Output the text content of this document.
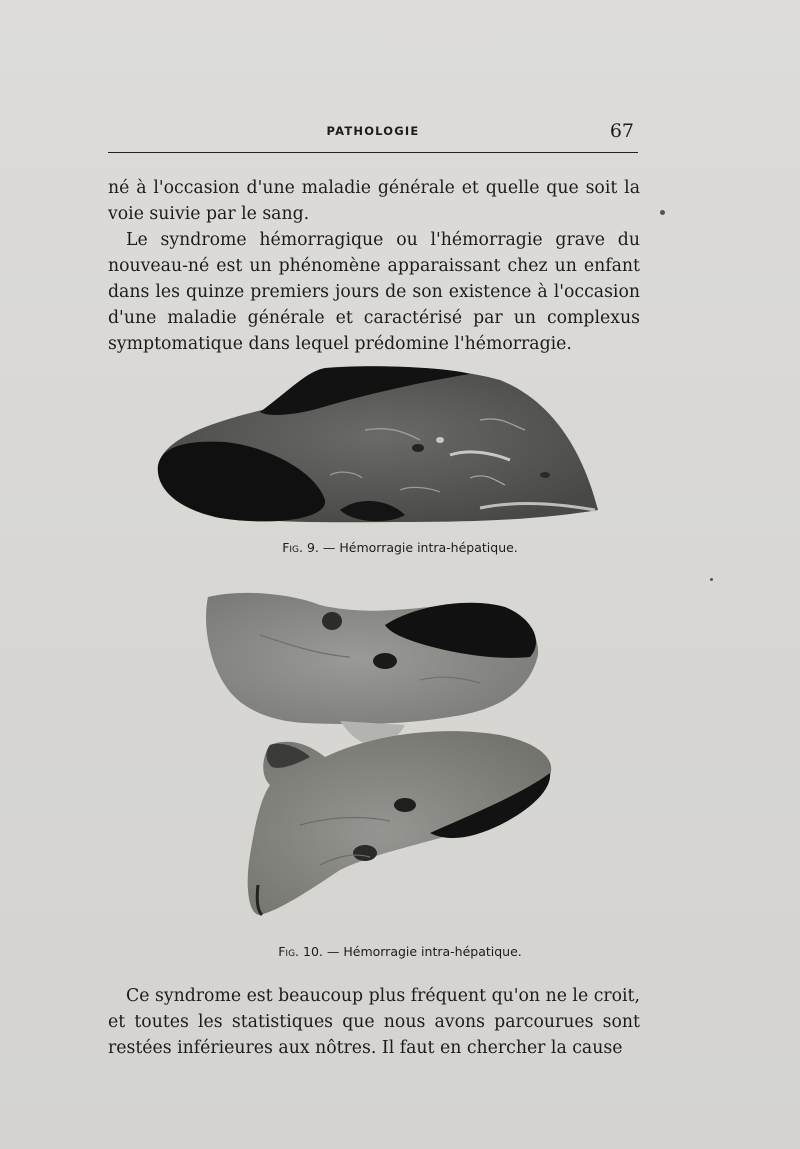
PATHOLOGIE	67

né à l'occasion d'une maladie générale et quelle que soit la voie suivie par le sang.

Le syndrome hémorragique ou l'hémorragie grave du nouveau-né est un phénomène apparaissant chez un enfant dans les quinze premiers jours de son existence à l'occasion d'une maladie générale et caractérisé par un complexus symptomatique dans lequel prédomine l'hémorragie.

Fig. 9. — Hémorragie intra-hépatique.
Fig. 10. — Hémorragie intra-hépatique.

Ce syndrome est beaucoup plus fréquent qu'on ne le croit, et toutes les statistiques que nous avons parcourues sont restées inférieures aux nôtres. Il faut en chercher la cause
